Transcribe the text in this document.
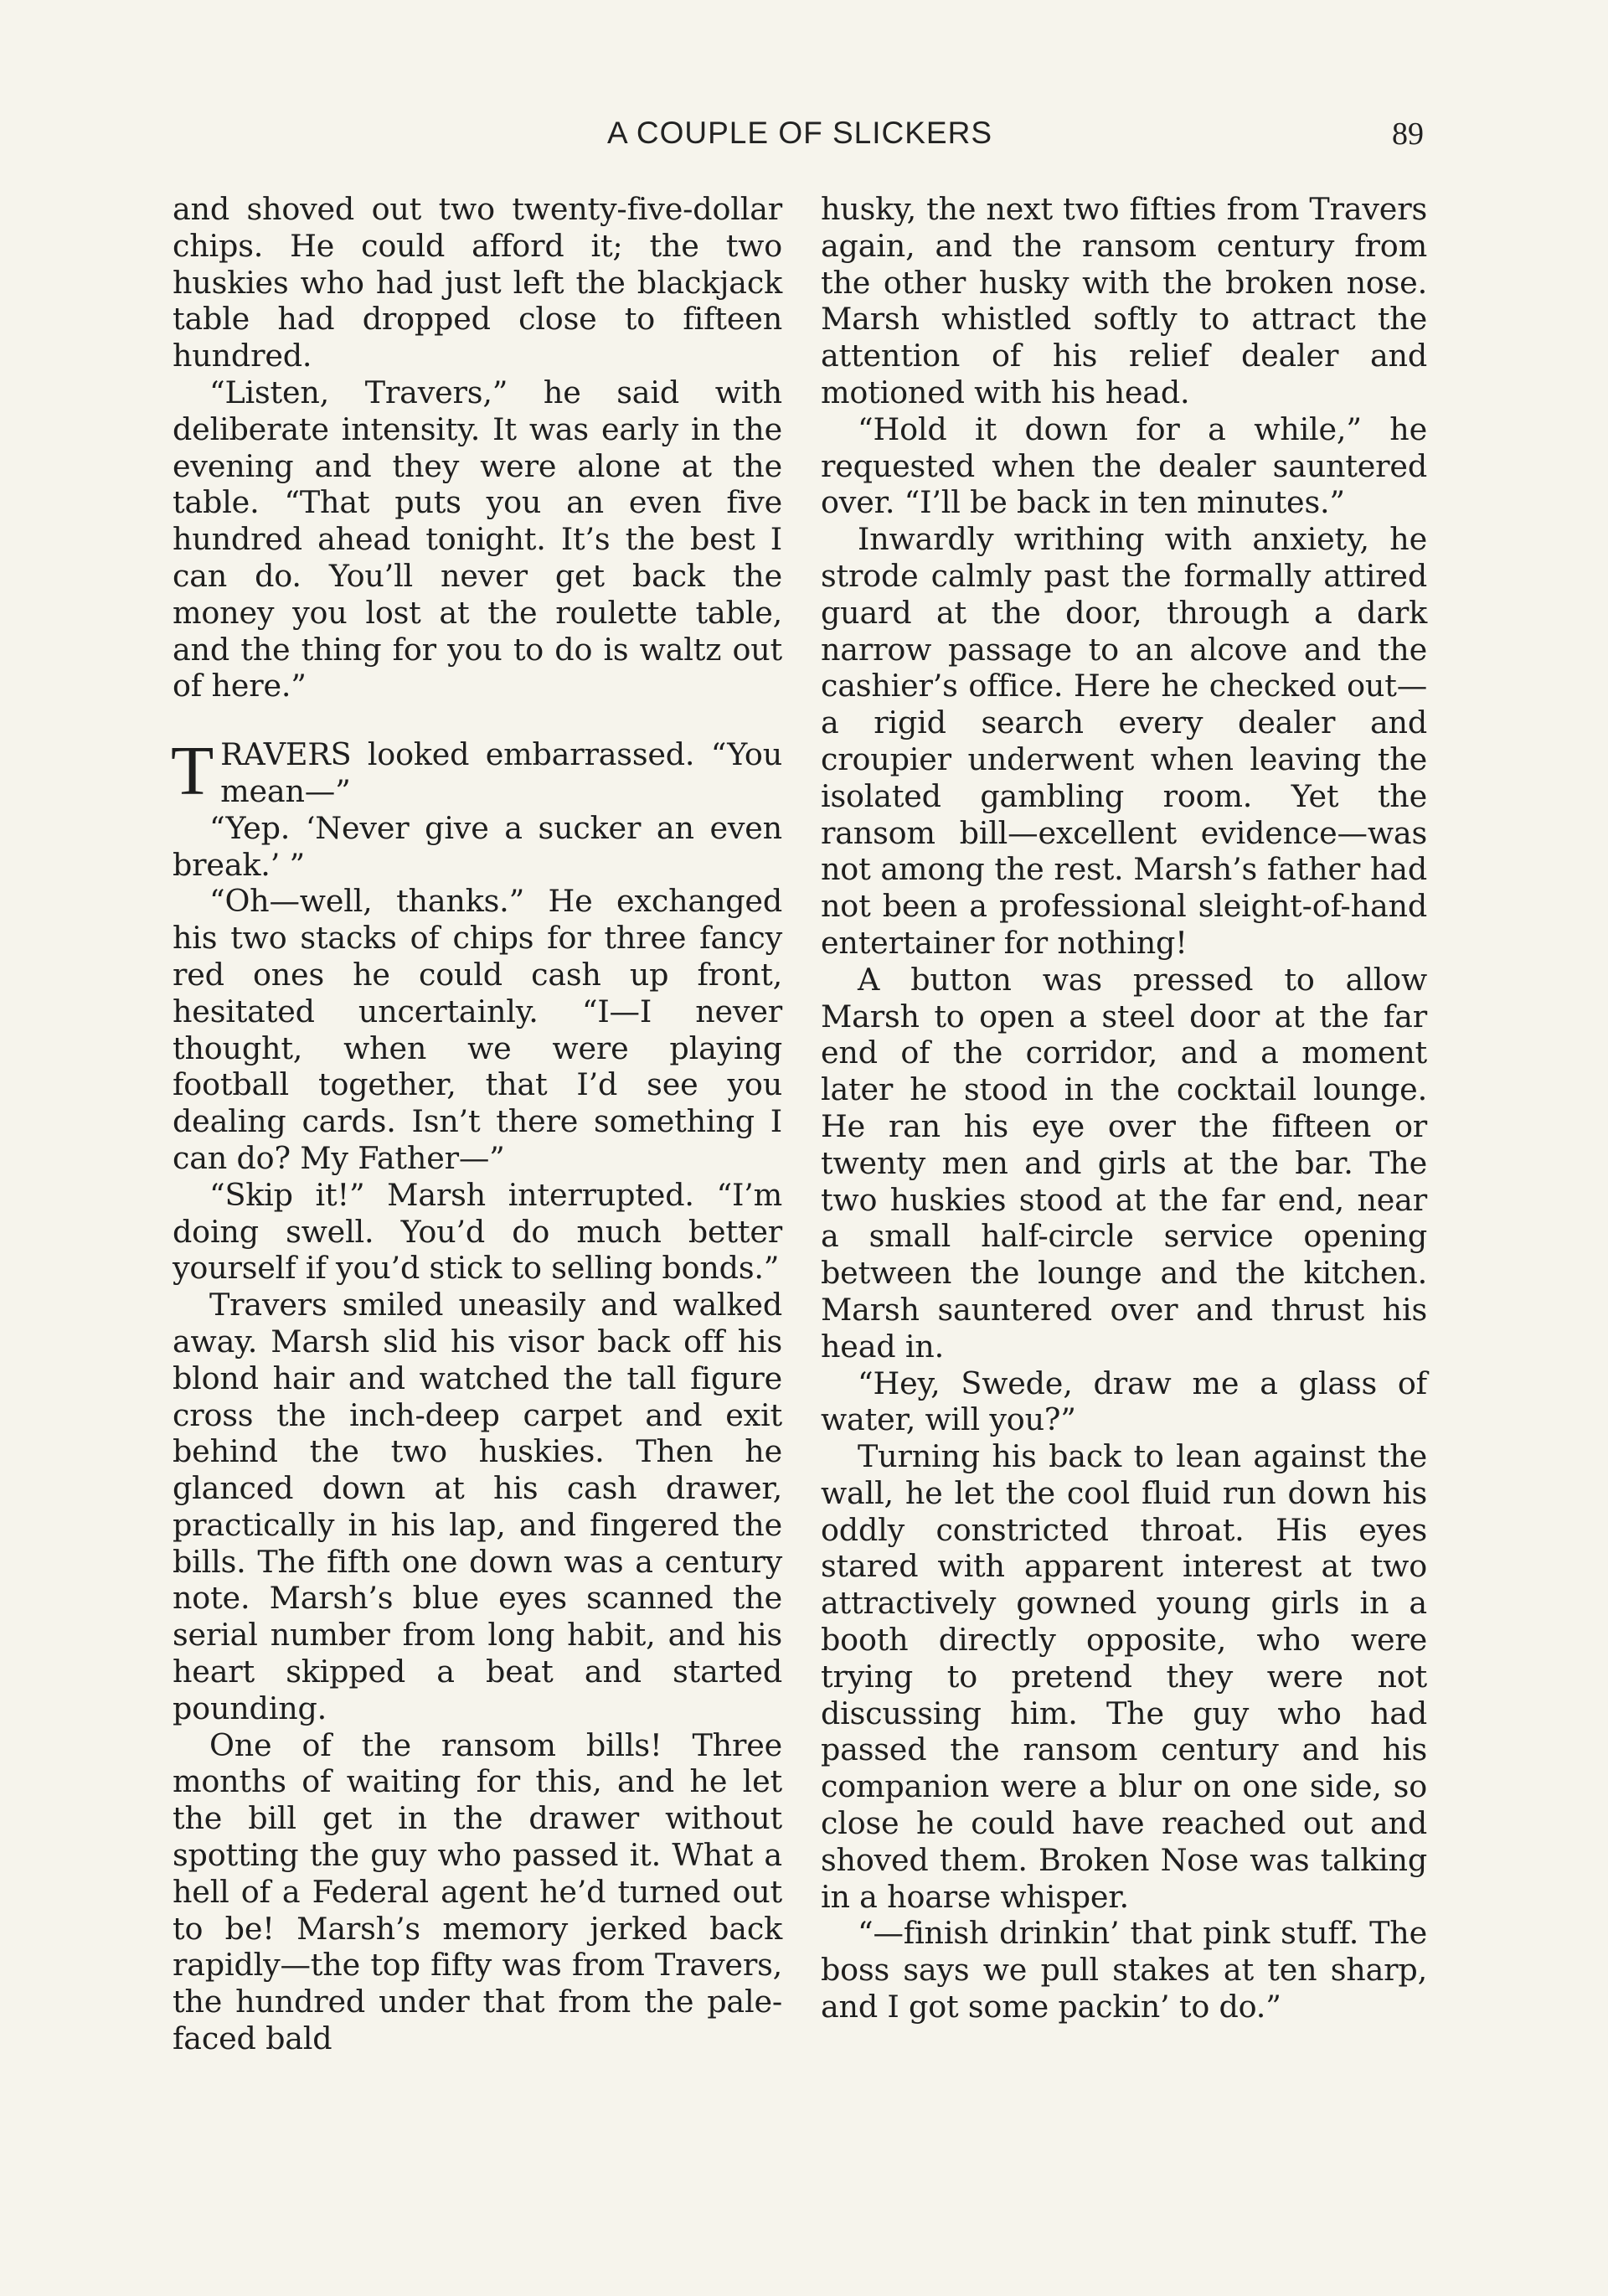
A COUPLE OF SLICKERS	89

and shoved out two twenty-five-dollar chips. He could afford it; the two huskies who had just left the blackjack table had dropped close to fifteen hundred.

“Listen, Travers,” he said with deliberate intensity. It was early in the evening and they were alone at the table. “That puts you an even five hundred ahead tonight. It’s the best I can do. You’ll never get back the money you lost at the roulette table, and the thing for you to do is waltz out of here.”

TRAVERS looked embarrassed. “You mean—”

“Yep. ‘Never give a sucker an even break.’ ”

“Oh—well, thanks.” He exchanged his two stacks of chips for three fancy red ones he could cash up front, hesitated uncertainly. “I—I never thought, when we were playing football together, that I’d see you dealing cards. Isn’t there something I can do? My Father—”

“Skip it!” Marsh interrupted. “I’m doing swell. You’d do much better yourself if you’d stick to selling bonds.”

Travers smiled uneasily and walked away. Marsh slid his visor back off his blond hair and watched the tall figure cross the inch-deep carpet and exit behind the two huskies. Then he glanced down at his cash drawer, practically in his lap, and fingered the bills. The fifth one down was a century note. Marsh’s blue eyes scanned the serial number from long habit, and his heart skipped a beat and started pounding.

One of the ransom bills! Three months of waiting for this, and he let the bill get in the drawer without spotting the guy who passed it. What a hell of a Federal agent he’d turned out to be! Marsh’s memory jerked back rapidly—the top fifty was from Travers, the hundred under that from the pale-faced bald

husky, the next two fifties from Travers again, and the ransom century from the other husky with the broken nose. Marsh whistled softly to attract the attention of his relief dealer and motioned with his head.

“Hold it down for a while,” he requested when the dealer sauntered over. “I’ll be back in ten minutes.”

Inwardly writhing with anxiety, he strode calmly past the formally attired guard at the door, through a dark narrow passage to an alcove and the cashier’s office. Here he checked out—a rigid search every dealer and croupier underwent when leaving the isolated gambling room. Yet the ransom bill—excellent evidence—was not among the rest. Marsh’s father had not been a professional sleight-of-hand entertainer for nothing!

A button was pressed to allow Marsh to open a steel door at the far end of the corridor, and a moment later he stood in the cocktail lounge. He ran his eye over the fifteen or twenty men and girls at the bar. The two huskies stood at the far end, near a small half-circle service opening between the lounge and the kitchen. Marsh sauntered over and thrust his head in.

“Hey, Swede, draw me a glass of water, will you?”

Turning his back to lean against the wall, he let the cool fluid run down his oddly constricted throat. His eyes stared with apparent interest at two attractively gowned young girls in a booth directly opposite, who were trying to pretend they were not discussing him. The guy who had passed the ransom century and his companion were a blur on one side, so close he could have reached out and shoved them. Broken Nose was talking in a hoarse whisper.

“—finish drinkin’ that pink stuff. The boss says we pull stakes at ten sharp, and I got some packin’ to do.”
